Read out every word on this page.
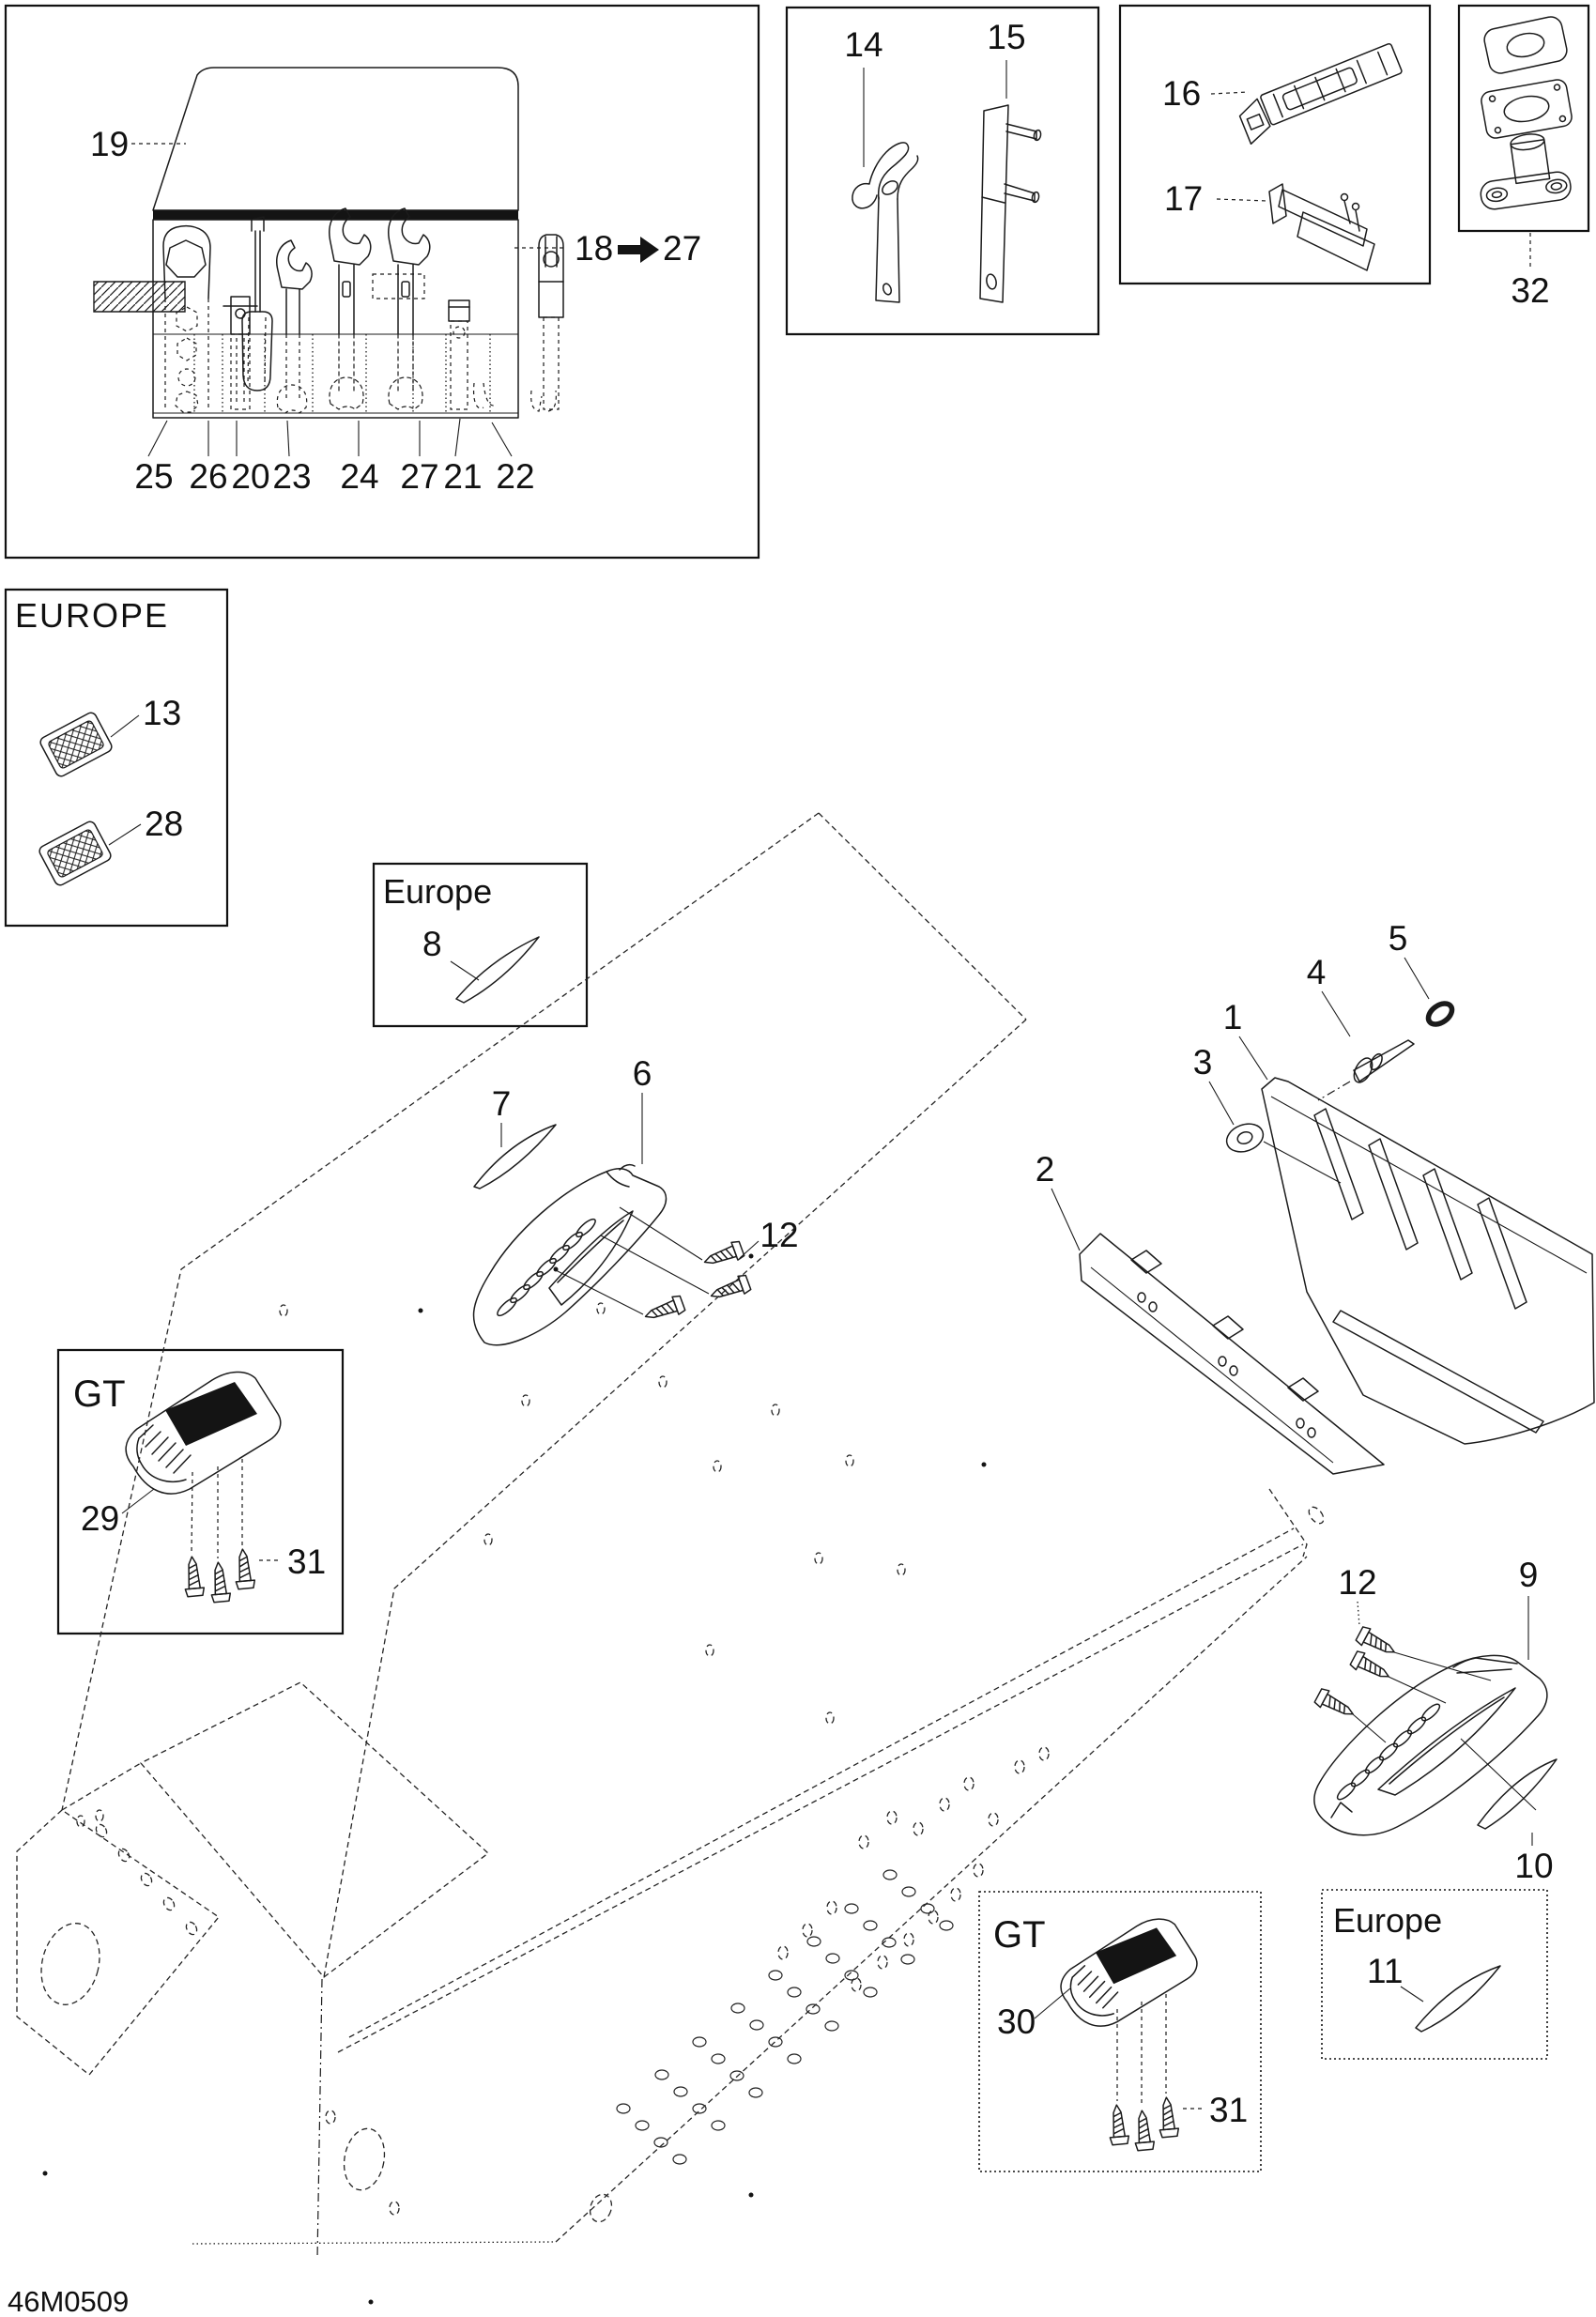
19
18 27
25 26 20 23 24 27 21 22
14	15
16
17
32
EUROPE
13
28
Europe
8
7
6
12
1
3
4
5
2
GT
29
31
12	9
10
GT
30
31
Europe
11
46M0509
